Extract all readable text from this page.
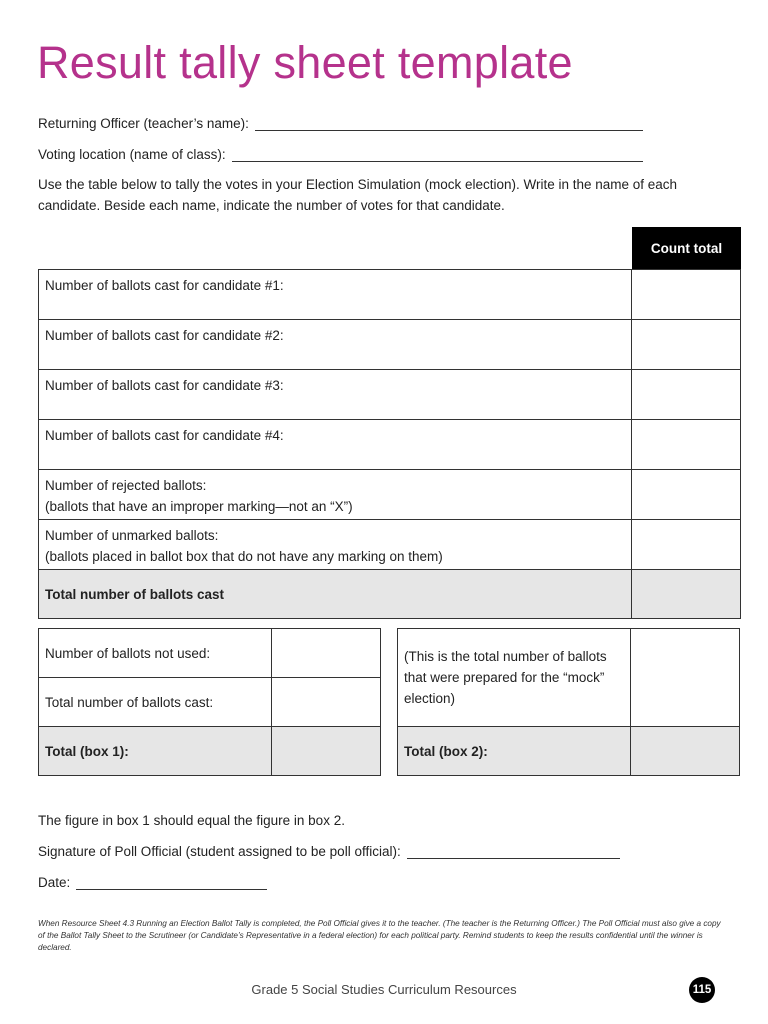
Result tally sheet template
Returning Officer (teacher’s name):
Voting location (name of class):
Use the table below to tally the votes in your Election Simulation (mock election). Write in the name of each candidate. Beside each name, indicate the number of votes for that candidate.
Count total
Number of ballots cast for candidate #1:	

Number of ballots cast for candidate #2:	

Number of ballots cast for candidate #3:	

Number of ballots cast for candidate #4:	

Number of rejected ballots:
(ballots that have an improper marking—not an “X”)	

Number of unmarked ballots:
(ballots placed in ballot box that do not have any marking on them)	

Total number of ballots cast	
Number of ballots not used:	
Total number of ballots cast:	
Total (box 1):	
(This is the total number of ballots that were prepared for the “mock” election)	
Total (box 2):	
The figure in box 1 should equal the figure in box 2.
Signature of Poll Official (student assigned to be poll official):
Date:
When Resource Sheet 4.3 Running an Election Ballot Tally is completed, the Poll Official gives it to the teacher. (The teacher is the Returning Officer.) The Poll Official must also give a copy of the Ballot Tally Sheet to the Scrutineer (or Candidate’s Representative in a federal election) for each political party. Remind students to keep the results confidential until the winner is declared.
Grade 5 Social Studies Curriculum Resources	115
